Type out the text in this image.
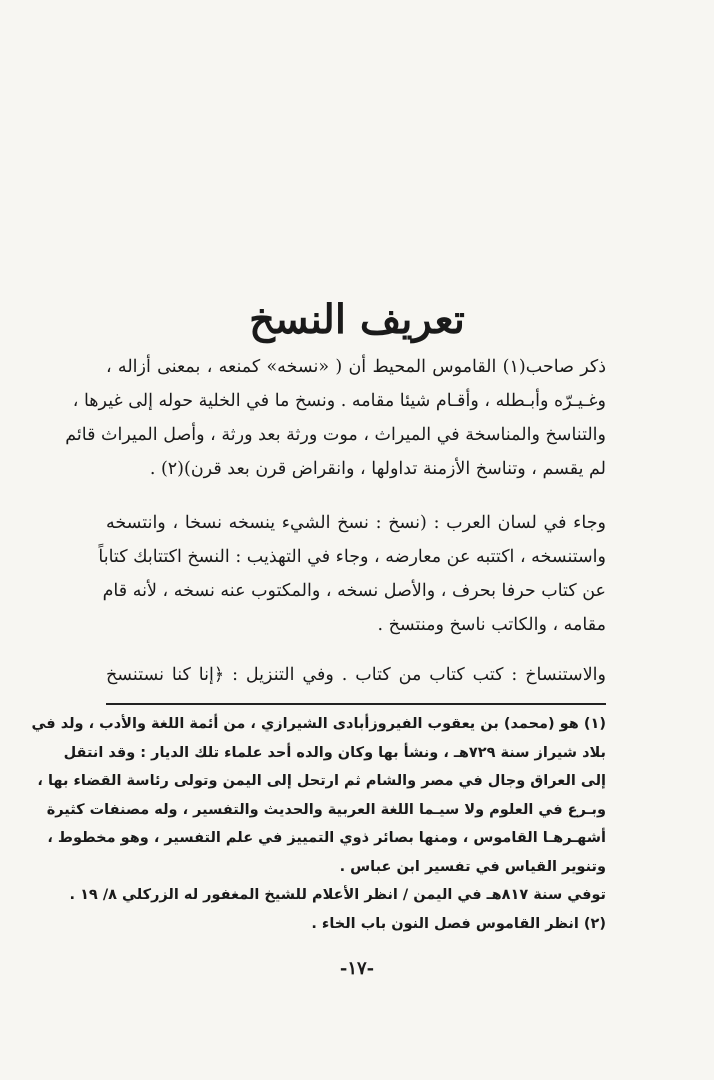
تعريف النسخ
ذكر صاحب(١) القاموس المحيط أن ( «نسخه» كمنعه ، بمعنى أزاله ،
وغـيـرّه وأبـطله ، وأقـام شيئا مقامه . ونسخ ما في الخلية حوله إلى غيرها ،
والتناسخ والمناسخة في الميراث ، موت ورثة بعد ورثة ، وأصل الميراث قائم
لم يقسم ، وتناسخ الأزمنة تداولها ، وانقراض قرن بعد قرن)(٢) .
وجاء في لسان العرب : (نسخ : نسخ الشيء ينسخه نسخا ، وانتسخه
واستنسخه ، اكتتبه عن معارضه ، وجاء في التهذيب : النسخ اكتتابك كتاباً
عن كتاب حرفا بحرف ، والأصل نسخه ، والمكتوب عنه نسخه ، لأنه قام
مقامه ، والكاتب ناسخ ومنتسخ .
والاستنساخ : كتب كتاب من كتاب . وفي التنزيل : ﴿إنا كنا نستنسخ
(١) هو (محمد) بن يعقوب الفيروزأبادى الشيرازي ، من أئمة اللغة والأدب ، ولد في
بلاد شيراز سنة ٧٢٩هـ ، ونشأ بها وكان والده أحد علماء تلك الديار : وقد انتقل
إلى العراق وجال في مصر والشام ثم ارتحل إلى اليمن وتولى رئاسة القضاء بها ،
وبـرع في العلوم ولا سيـما اللغة العربية والحديث والتفسير ، وله مصنفات كثيرة
أشهـرهـا القاموس ، ومنها بصائر ذوي التمييز في علم التفسير ، وهو مخطوط ،
وتنوير القياس في تفسير ابن عباس .
توفي سنة ٨١٧هـ في اليمن / انظر الأعلام للشيخ المغفور له الزركلي ٨/ ١٩ .
(٢) انظر القاموس فصل النون باب الخاء .
-١٧-
